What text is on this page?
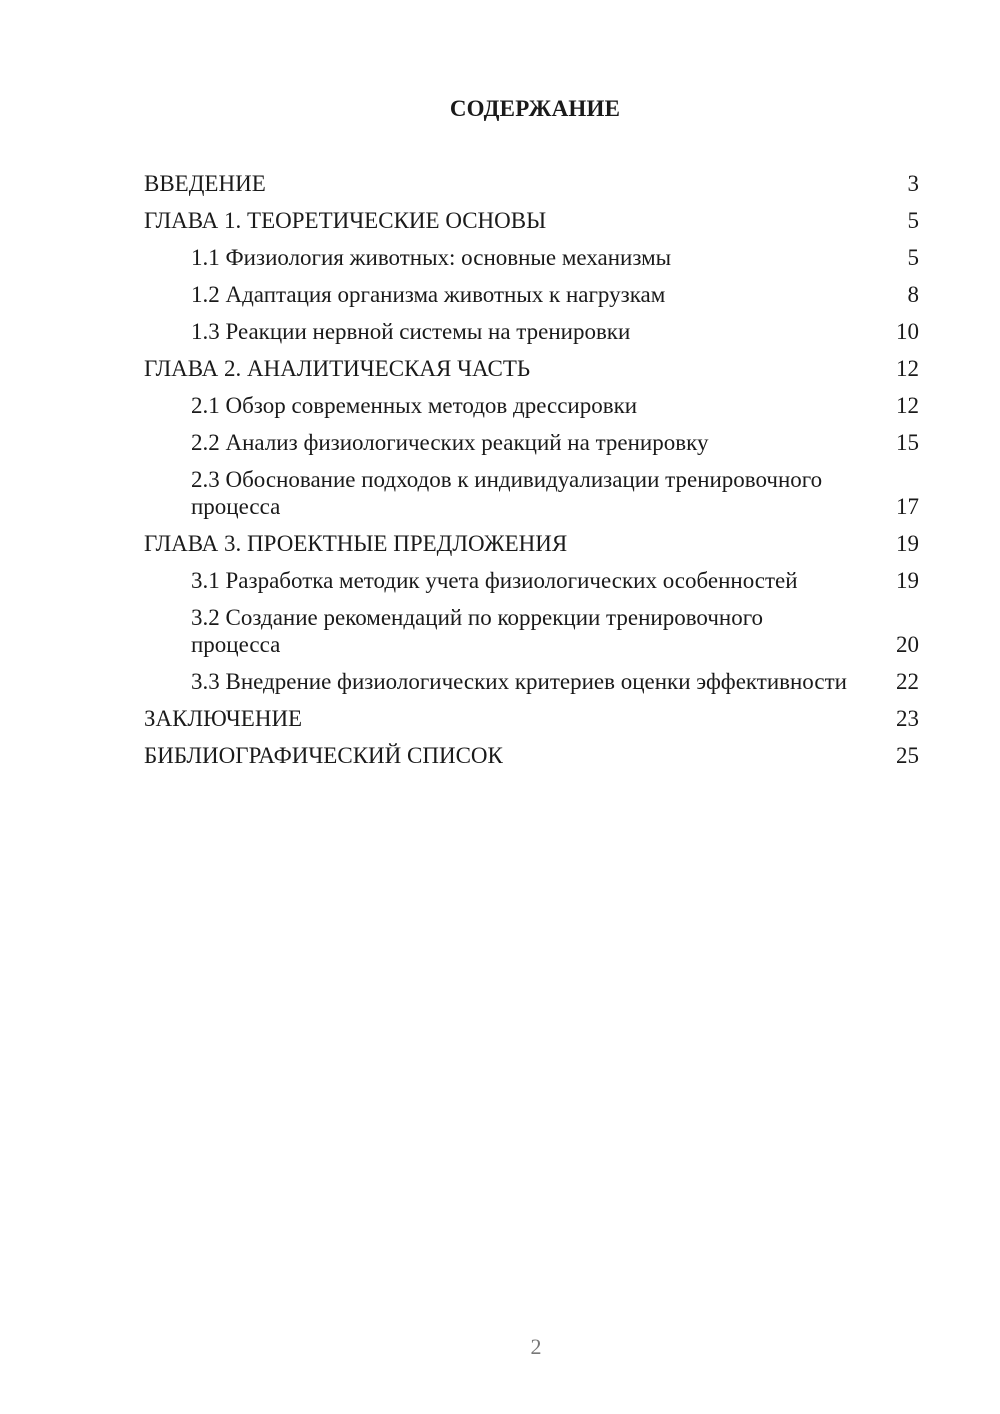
СОДЕРЖАНИЕ
ВВЕДЕНИЕ	3
ГЛАВА 1. ТЕОРЕТИЧЕСКИЕ ОСНОВЫ	5
1.1 Физиология животных: основные механизмы	5
1.2 Адаптация организма животных к нагрузкам	8
1.3 Реакции нервной системы на тренировки	10
ГЛАВА 2. АНАЛИТИЧЕСКАЯ ЧАСТЬ	12
2.1 Обзор современных методов дрессировки	12
2.2 Анализ физиологических реакций на тренировку	15
2.3 Обоснование подходов к индивидуализации тренировочного процесса	17
ГЛАВА 3. ПРОЕКТНЫЕ ПРЕДЛОЖЕНИЯ	19
3.1 Разработка методик учета физиологических особенностей	19
3.2 Создание рекомендаций по коррекции тренировочного процесса	20
3.3 Внедрение физиологических критериев оценки эффективности	22
ЗАКЛЮЧЕНИЕ	23
БИБЛИОГРАФИЧЕСКИЙ СПИСОК	25
2
